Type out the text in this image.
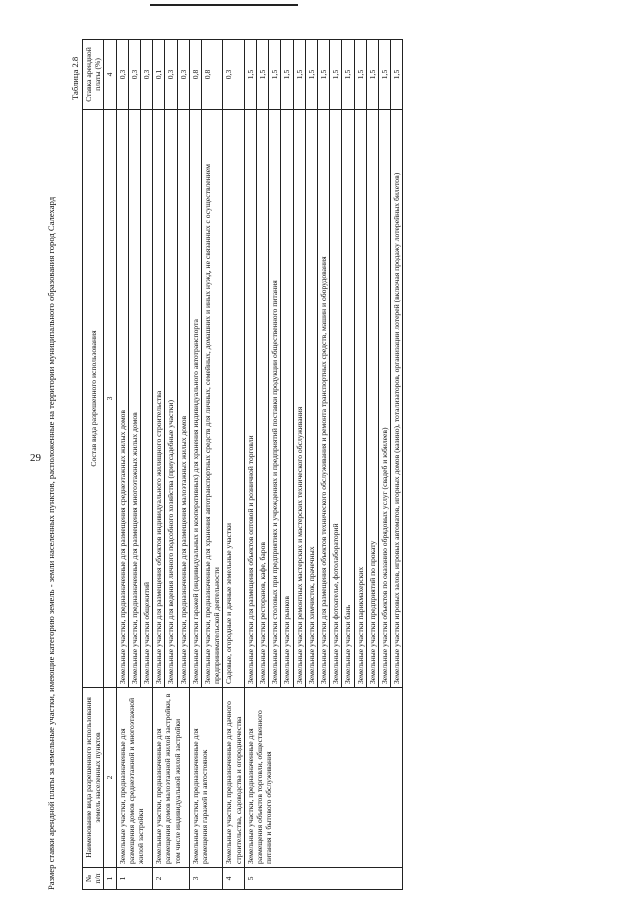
29 Размер ставки арендной платы за земельные участки, имеющие категорию земель - земли населенных пунктов, расположенные на территории муниципального образования город Салехард
Таблица 2.8
№ п/п	Наименование вида разрешенного использования земель населенных пунктов	Состав вида разрешенного использования	Ставка арендной платы (%)
1	2	3	4
1	Земельные участки, предназначенные для размещения домов среднеэтажной и многоэтажной жилой застройки	Земельные участки, предназначенные для размещения среднеэтажных жилых домов	0,3
		Земельные участки, предназначенные для размещения многоэтажных жилых домов	0,3
		Земельные участки общежитий	0,3
2	Земельные участки, предназначенные для размещения домов малоэтажной жилой застройки, в том числе индивидуальной жилой застройки	Земельные участки для размещения объектов индивидуального жилищного строительства	0,1
		Земельные участки для ведения личного подсобного хозяйства (приусадебные участки)	0,3
		Земельные участки, предназначенные для размещения малоэтажных жилых домов	0,3
3	Земельные участки, предназначенные для размещения гаражей и автостоянок	Земельные участки гаражей (индивидуальных и кооперативных) для хранения индивидуального автотранспорта	0,8
		Земельные участки, предназначенные для хранения автотранспортных средств для личных, семейных, домашних и иных нужд, не связанных с осуществлением предпринимательской деятельности	0,8
4	Земельные участки, предназначенные для дачного строительства, садоводства и огородничества	Садовые, огородные и дачные земельные участки	0,3
5	Земельные участки, предназначенные для размещения объектов торговли, общественного питания и бытового обслуживания	Земельные участки для размещения объектов оптовой и розничной торговли	1,5
		Земельные участки ресторанов, кафе, баров	1,5
		Земельные участки столовых при предприятиях и учреждениях и предприятий поставки продукции общественного питания	1,5
		Земельные участки рынков	1,5
		Земельные участки ремонтных мастерских и мастерских технического обслуживания	1,5
		Земельные участки химчисток, прачечных	1,5
		Земельные участки для размещения объектов технического обслуживания и ремонта транспортных средств, машин и оборудования	1,5
		Земельные участки фотоателье, фотолабораторий	1,5
		Земельные участки бань	1,5
		Земельные участки парикмахерских	1,5
		Земельные участки предприятий по прокату	1,5
		Земельные участки объектов по оказанию обрядовых услуг (свадеб и юбилеев)	1,5
		Земельные участки игровых залов, игровых автоматов, игорных домов (казино), тотализаторов, организации лотерей (включая продажу лотерейных билетов)	1,5
